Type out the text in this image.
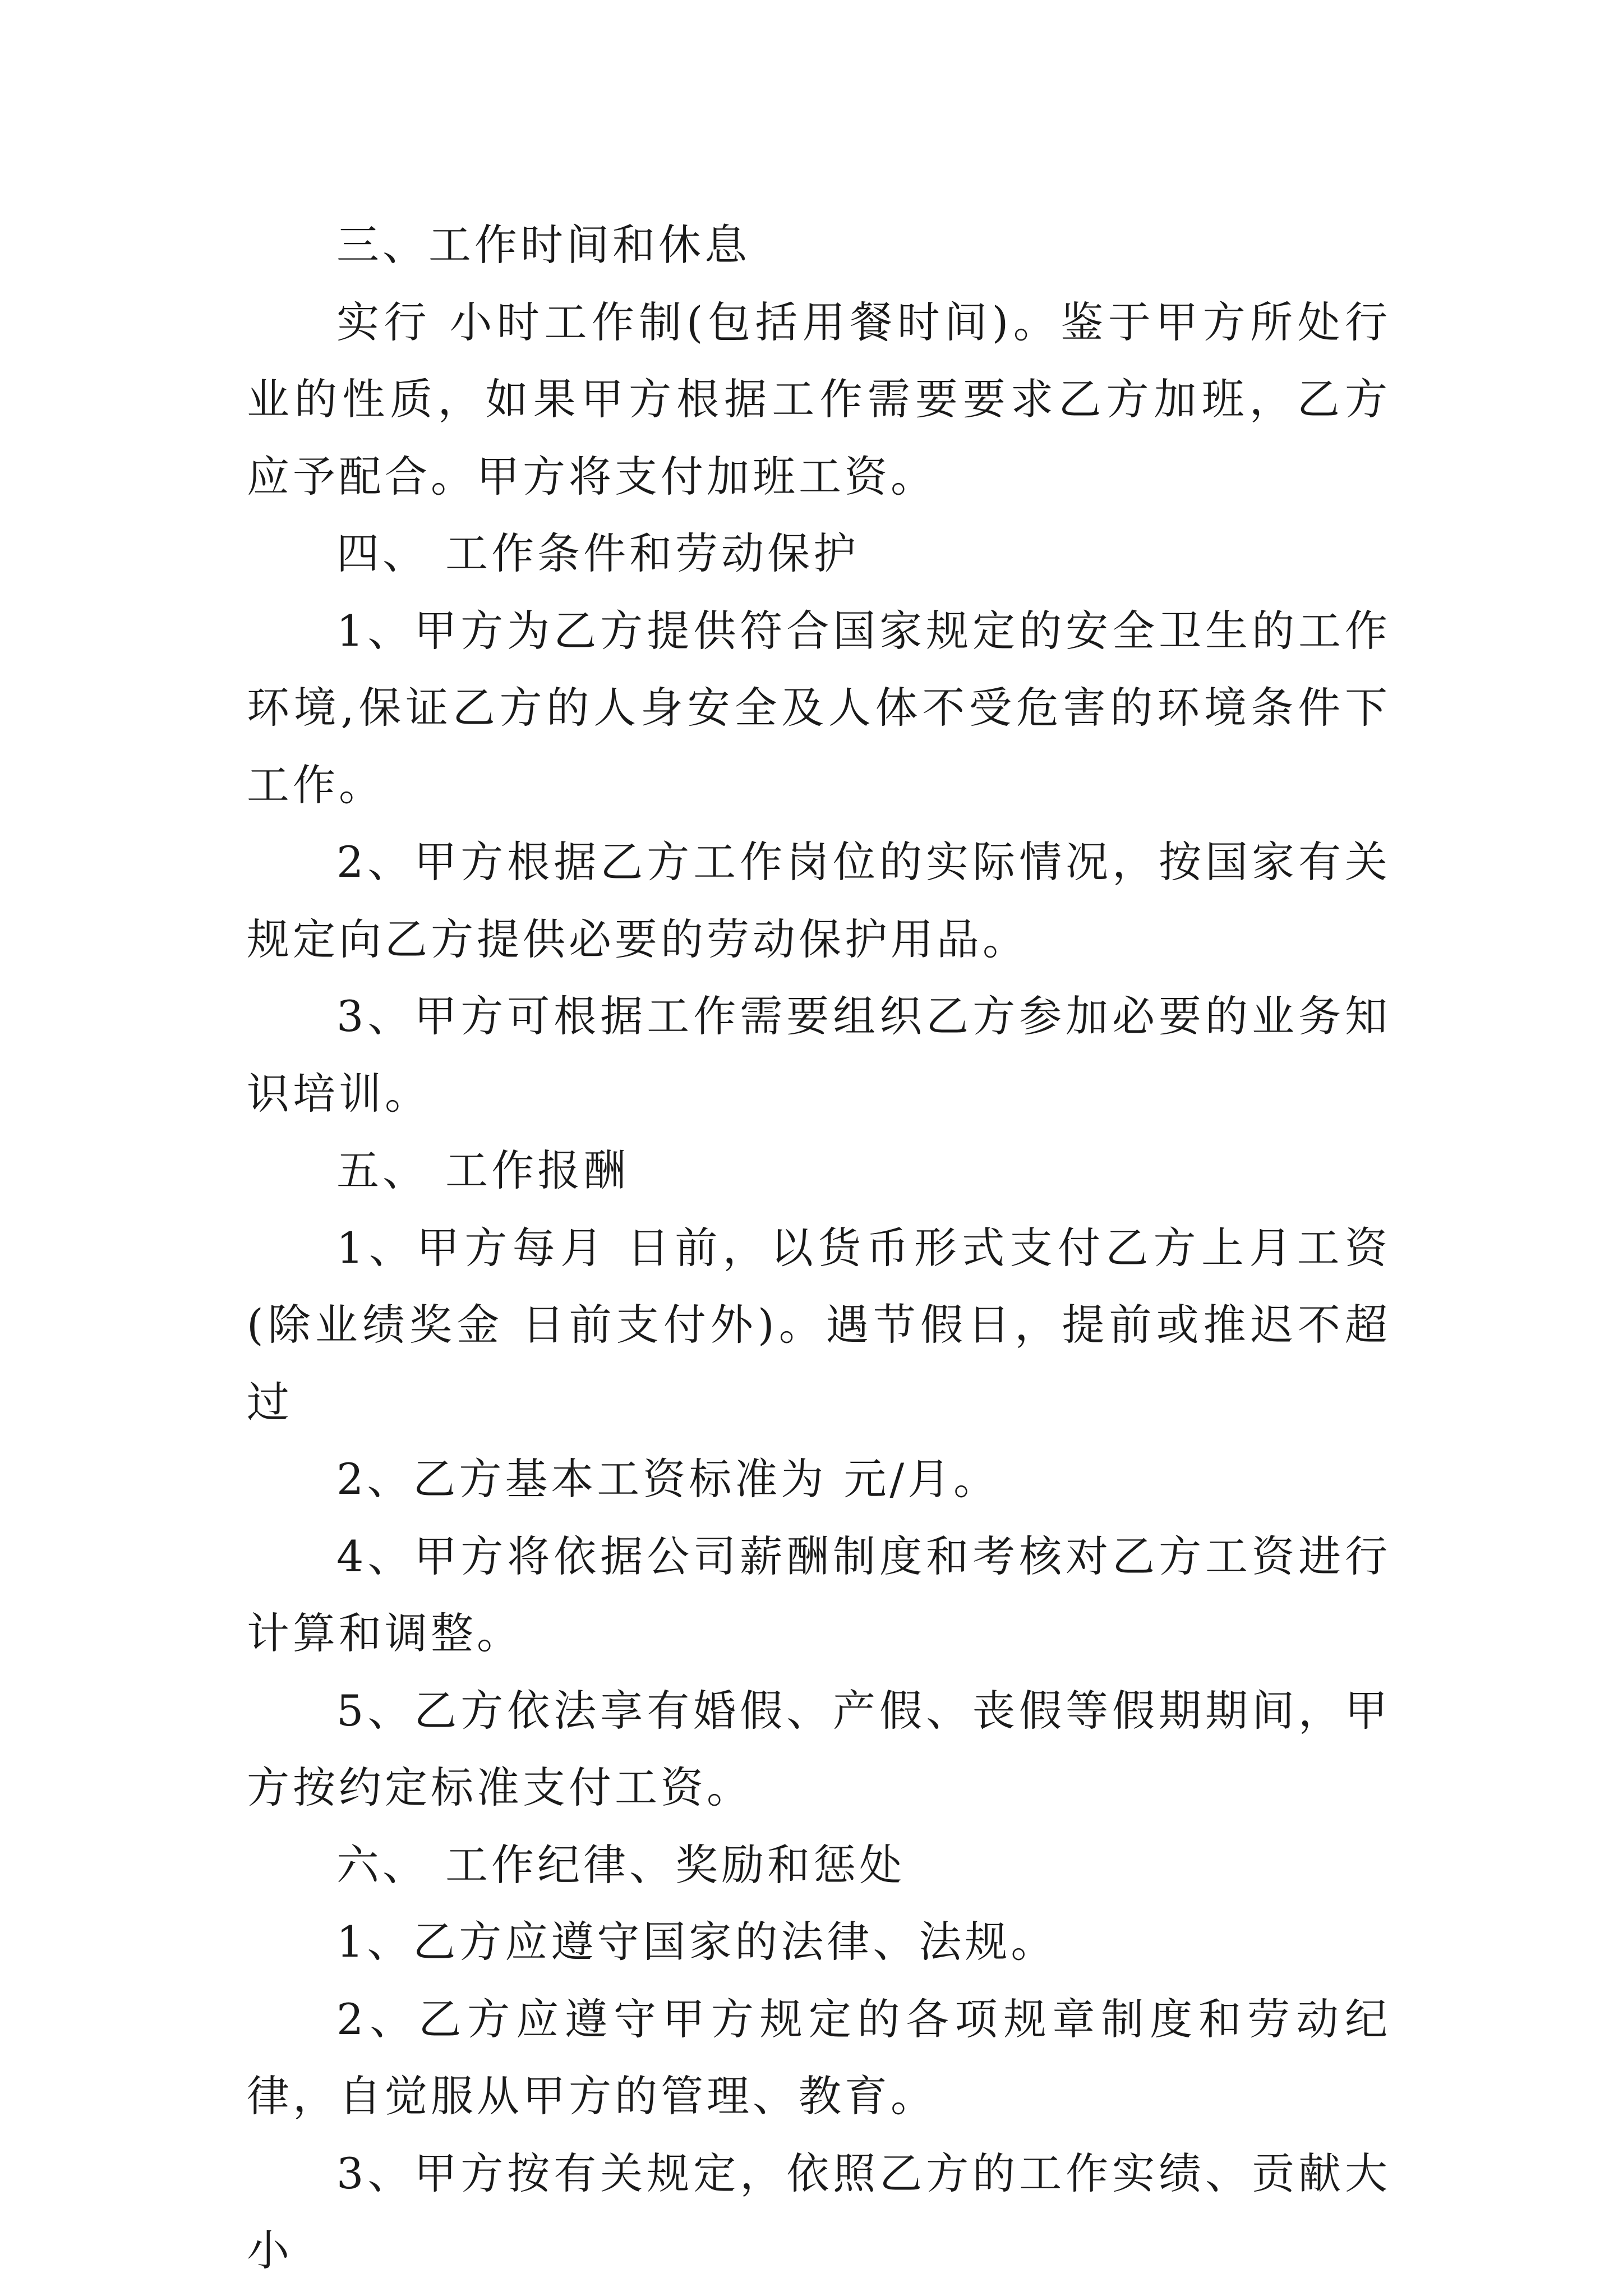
三、工作时间和休息

实行 小时工作制(包括用餐时间)。鉴于甲方所处行业的性质，如果甲方根据工作需要要求乙方加班，乙方应予配合。甲方将支付加班工资。

四、 工作条件和劳动保护

1、甲方为乙方提供符合国家规定的安全卫生的工作环境,保证乙方的人身安全及人体不受危害的环境条件下工作。

2、甲方根据乙方工作岗位的实际情况，按国家有关规定向乙方提供必要的劳动保护用品。

3、甲方可根据工作需要组织乙方参加必要的业务知识培训。

五、 工作报酬

1、甲方每月 日前，以货币形式支付乙方上月工资(除业绩奖金 日前支付外)。遇节假日，提前或推迟不超过

2、乙方基本工资标准为 元/月。

4、甲方将依据公司薪酬制度和考核对乙方工资进行计算和调整。

5、乙方依法享有婚假、产假、丧假等假期期间，甲方按约定标准支付工资。

六、 工作纪律、奖励和惩处

1、乙方应遵守国家的法律、法规。

2、乙方应遵守甲方规定的各项规章制度和劳动纪律，自觉服从甲方的管理、教育。

3、甲方按有关规定，依照乙方的工作实绩、贡献大小
